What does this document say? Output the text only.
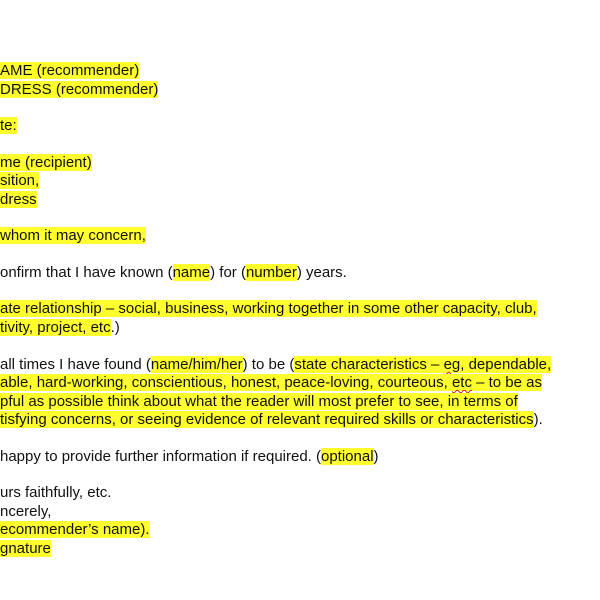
AME (recommender)
DRESS (recommender)
te:
me (recipient)
sition,
dress
whom it may concern,
onfirm that I have known (name) for (number) years.
ate relationship – social, business, working together in some other capacity, club,
tivity, project, etc.)
all times I have found (name/him/her) to be (state characteristics – eg, dependable,
able, hard-working, conscientious, honest, peace-loving, courteous, etc – to be as
pful as possible think about what the reader will most prefer to see, in terms of
tisfying concerns, or seeing evidence of relevant required skills or characteristics).
happy to provide further information if required. (optional)
urs faithfully, etc.
ncerely,
ecommender’s name).
gnature
